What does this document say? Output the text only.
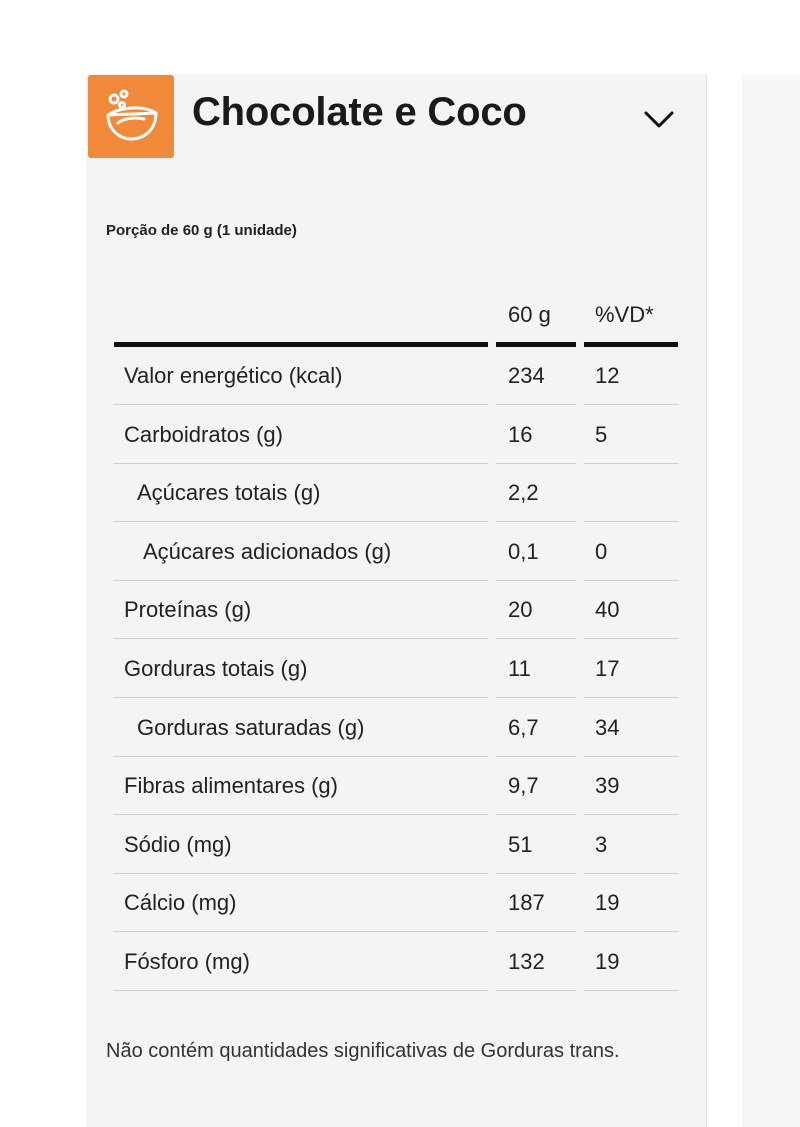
Chocolate e Coco
Porção de 60 g (1 unidade)
60 g %VD*
Valor energético (kcal)	234 12
Carboidratos (g)	16	5
Açúcares totais (g)	2,2
Açúcares adicionados (g)	0,1	0
Proteínas (g)	20	40
Gorduras totais (g)	11	17
Gorduras saturadas (g)	6,7	34
Fibras alimentares (g)	9,7	39
Sódio (mg)	51	3
Cálcio (mg)	187 19
Fósforo (mg)	132 19
Não contém quantidades significativas de Gorduras trans.
